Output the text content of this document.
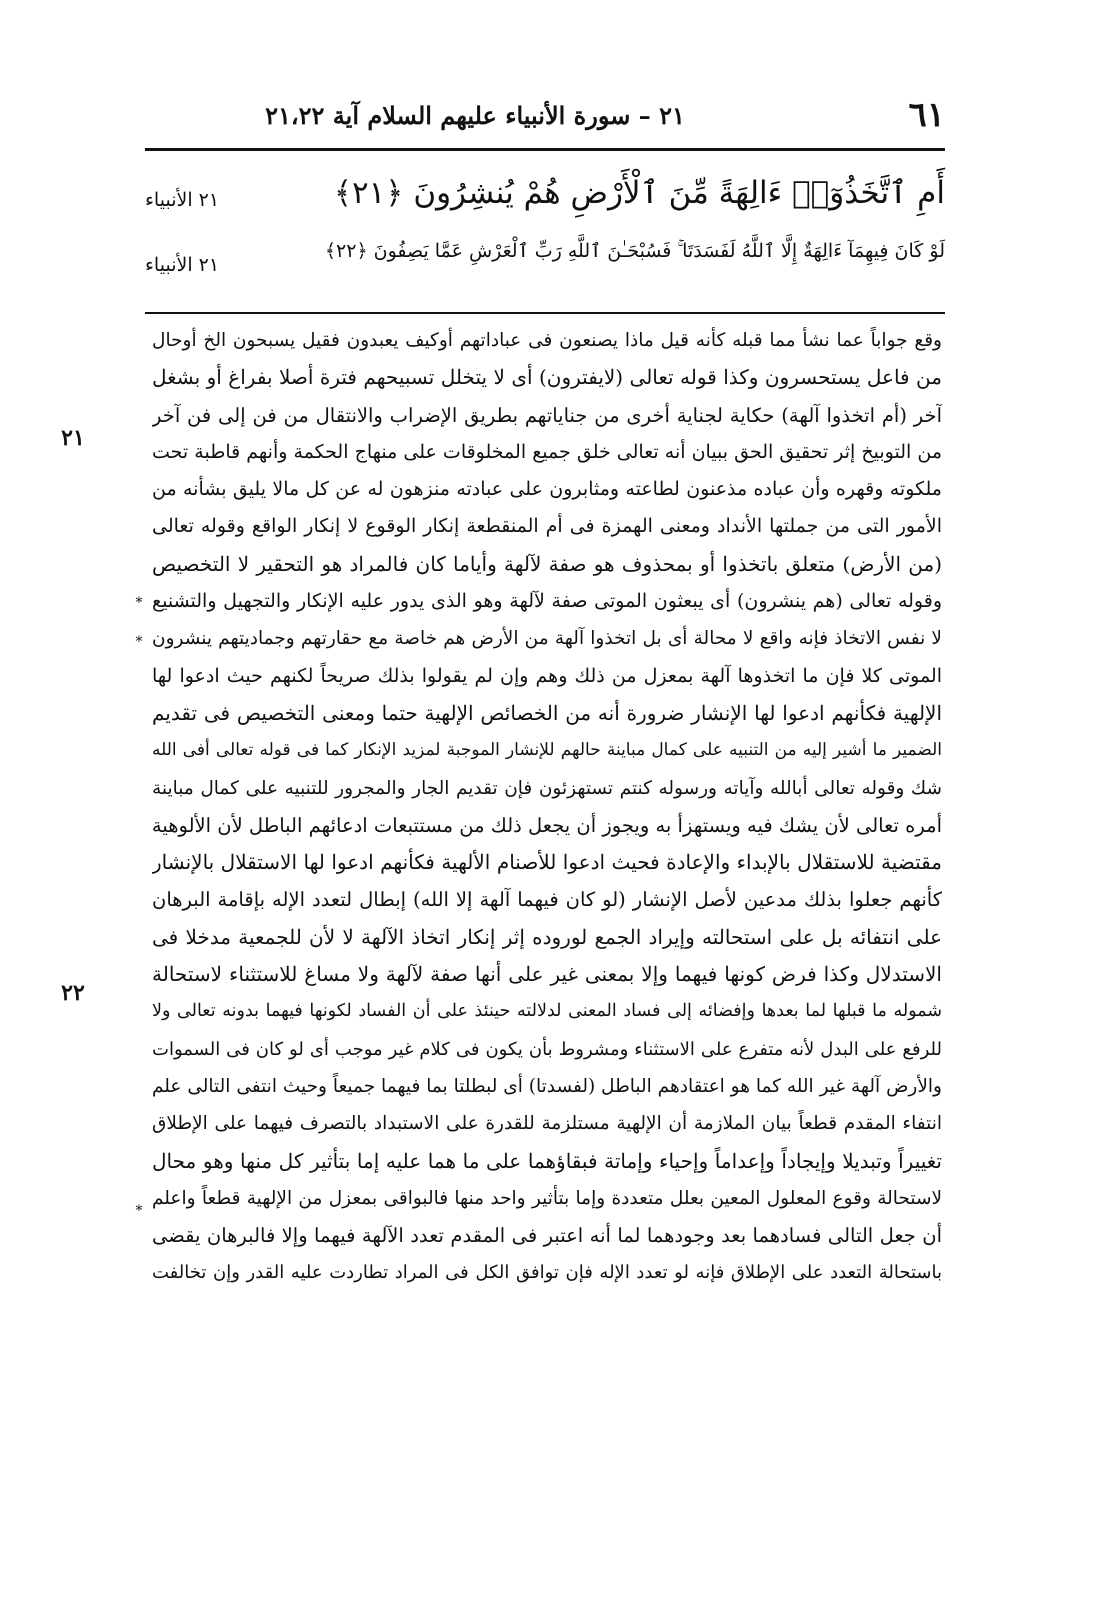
٦١
٢١ – سورة الأنبياء عليهم السلام آية ٢١،٢٢
أَمِ ٱتَّخَذُوٓا۟ ءَالِهَةً مِّنَ ٱلْأَرْضِ هُمْ يُنشِرُونَ ﴿٢١﴾
٢١ الأنبياء
لَوْ كَانَ فِيهِمَآ ءَالِهَةٌ إِلَّا ٱللَّهُ لَفَسَدَتَا ۚ فَسُبْحَـٰنَ ٱللَّهِ رَبِّ ٱلْعَرْشِ عَمَّا يَصِفُونَ ﴿٢٢﴾
٢١ الأنبياء
وقع جواباً عما نشأ مما قبله كأنه قيل ماذا يصنعون فى عباداتهم أوكيف يعبدون فقيل يسبحون الخ أوحال
من فاعل يستحسرون وكذا قوله تعالى (لايفترون) أى لا يتخلل تسبيحهم فترة أصلا بفراغ أو بشغل
آخر (أم اتخذوا آلهة) حكاية لجناية أخرى من جناياتهم بطريق الإضراب والانتقال من فن إلى فن آخر
من التوبيخ إثر تحقيق الحق ببيان أنه تعالى خلق جميع المخلوقات على منهاج الحكمة وأنهم قاطبة تحت
ملكوته وقهره وأن عباده مذعنون لطاعته ومثابرون على عبادته منزهون له عن كل مالا يليق بشأنه من
الأمور التى من جملتها الأنداد ومعنى الهمزة فى أم المنقطعة إنكار الوقوع لا إنكار الواقع وقوله تعالى
(من الأرض) متعلق باتخذوا أو بمحذوف هو صفة لآلهة وأياما كان فالمراد هو التحقير لا التخصيص
وقوله تعالى (هم ينشرون) أى يبعثون الموتى صفة لآلهة وهو الذى يدور عليه الإنكار والتجهيل والتشنيع
لا نفس الاتخاذ فإنه واقع لا محالة أى بل اتخذوا آلهة من الأرض هم خاصة مع حقارتهم وجماديتهم ينشرون
الموتى كلا فإن ما اتخذوها آلهة بمعزل من ذلك وهم وإن لم يقولوا بذلك صريحاً لكنهم حيث ادعوا لها
الإلهية فكأنهم ادعوا لها الإنشار ضرورة أنه من الخصائص الإلهية حتما ومعنى التخصيص فى تقديم
الضمير ما أشير إليه من التنبيه على كمال مباينة حالهم للإنشار الموجبة لمزيد الإنكار كما فى قوله تعالى أفى الله
شك وقوله تعالى أبالله وآياته ورسوله كنتم تستهزئون فإن تقديم الجار والمجرور للتنبيه على كمال مباينة
أمره تعالى لأن يشك فيه ويستهزأ به ويجوز أن يجعل ذلك من مستتبعات ادعائهم الباطل لأن الألوهية
مقتضية للاستقلال بالإبداء والإعادة فحيث ادعوا للأصنام الألهية فكأنهم ادعوا لها الاستقلال بالإنشار
كأنهم جعلوا بذلك مدعين لأصل الإنشار (لو كان فيهما آلهة إلا الله) إبطال لتعدد الإله بإقامة البرهان
على انتفائه بل على استحالته وإيراد الجمع لوروده إثر إنكار اتخاذ الآلهة لا لأن للجمعية مدخلا فى
الاستدلال وكذا فرض كونها فيهما وإلا بمعنى غير على أنها صفة لآلهة ولا مساغ للاستثناء لاستحالة
شموله ما قبلها لما بعدها وإفضائه إلى فساد المعنى لدلالته حينئذ على أن الفساد لكونها فيهما بدونه تعالى ولا
للرفع على البدل لأنه متفرع على الاستثناء ومشروط بأن يكون فى كلام غير موجب أى لو كان فى السموات
والأرض آلهة غير الله كما هو اعتقادهم الباطل (لفسدتا) أى لبطلتا بما فيهما جميعاً وحيث انتفى التالى علم
انتفاء المقدم قطعاً بيان الملازمة أن الإلهية مستلزمة للقدرة على الاستبداد بالتصرف فيهما على الإطلاق
تغييراً وتبديلا وإيجاداً وإعداماً وإحياء وإماتة فبقاؤهما على ما هما عليه إما بتأثير كل منها وهو محال
لاستحالة وقوع المعلول المعين بعلل متعددة وإما بتأثير واحد منها فالبواقى بمعزل من الإلهية قطعاً واعلم
أن جعل التالى فسادهما بعد وجودهما لما أنه اعتبر فى المقدم تعدد الآلهة فيهما وإلا فالبرهان يقضى
باستحالة التعدد على الإطلاق فإنه لو تعدد الإله فإن توافق الكل فى المراد تطاردت عليه القدر وإن تخالفت
٢١
٢٢
*
*
*
